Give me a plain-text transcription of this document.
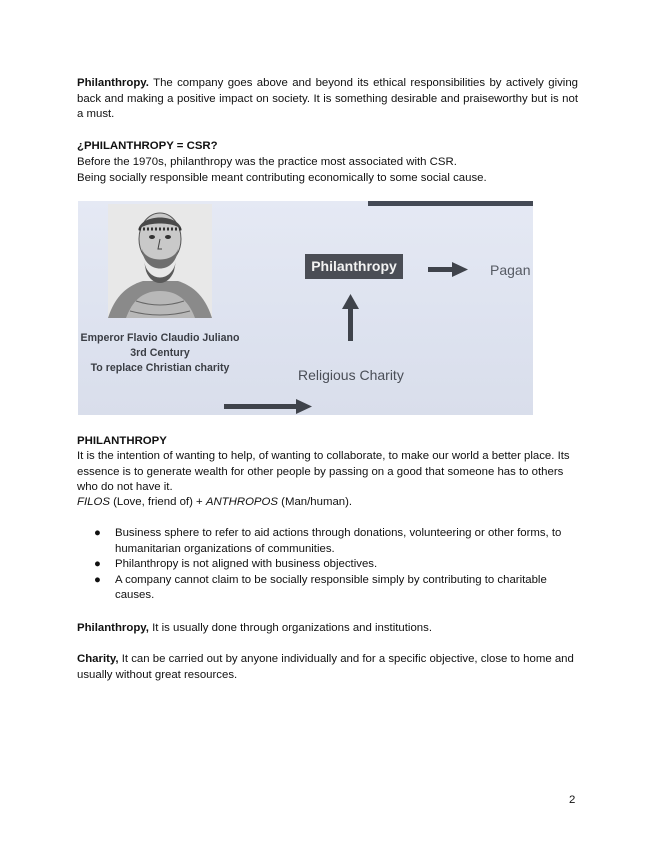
Philanthropy. The company goes above and beyond its ethical responsibilities by actively giving back and making a positive impact on society. It is something desirable and praiseworthy but is not a must.

¿PHILANTHROPY = CSR?

Before the 1970s, philanthropy was the practice most associated with CSR.

Being socially responsible meant contributing economically to some social cause.

Emperor Flavio Claudio Juliano
3rd Century
To replace Christian charity
Philanthropy	Pagan
Religious Charity

PHILANTHROPY

It is the intention of wanting to help, of wanting to collaborate, to make our world a better place. Its essence is to generate wealth for other people by passing on a good that someone has to others who do not have it.

FILOS (Love, friend of) + ANTHROPOS (Man/human).

● Business sphere to refer to aid actions through donations, volunteering or other forms, to humanitarian organizations of communities.
● Philanthropy is not aligned with business objectives.
● A company cannot claim to be socially responsible simply by contributing to charitable causes.

Philanthropy, It is usually done through organizations and institutions.

Charity, It can be carried out by anyone individually and for a specific objective, close to home and usually without great resources.

2
